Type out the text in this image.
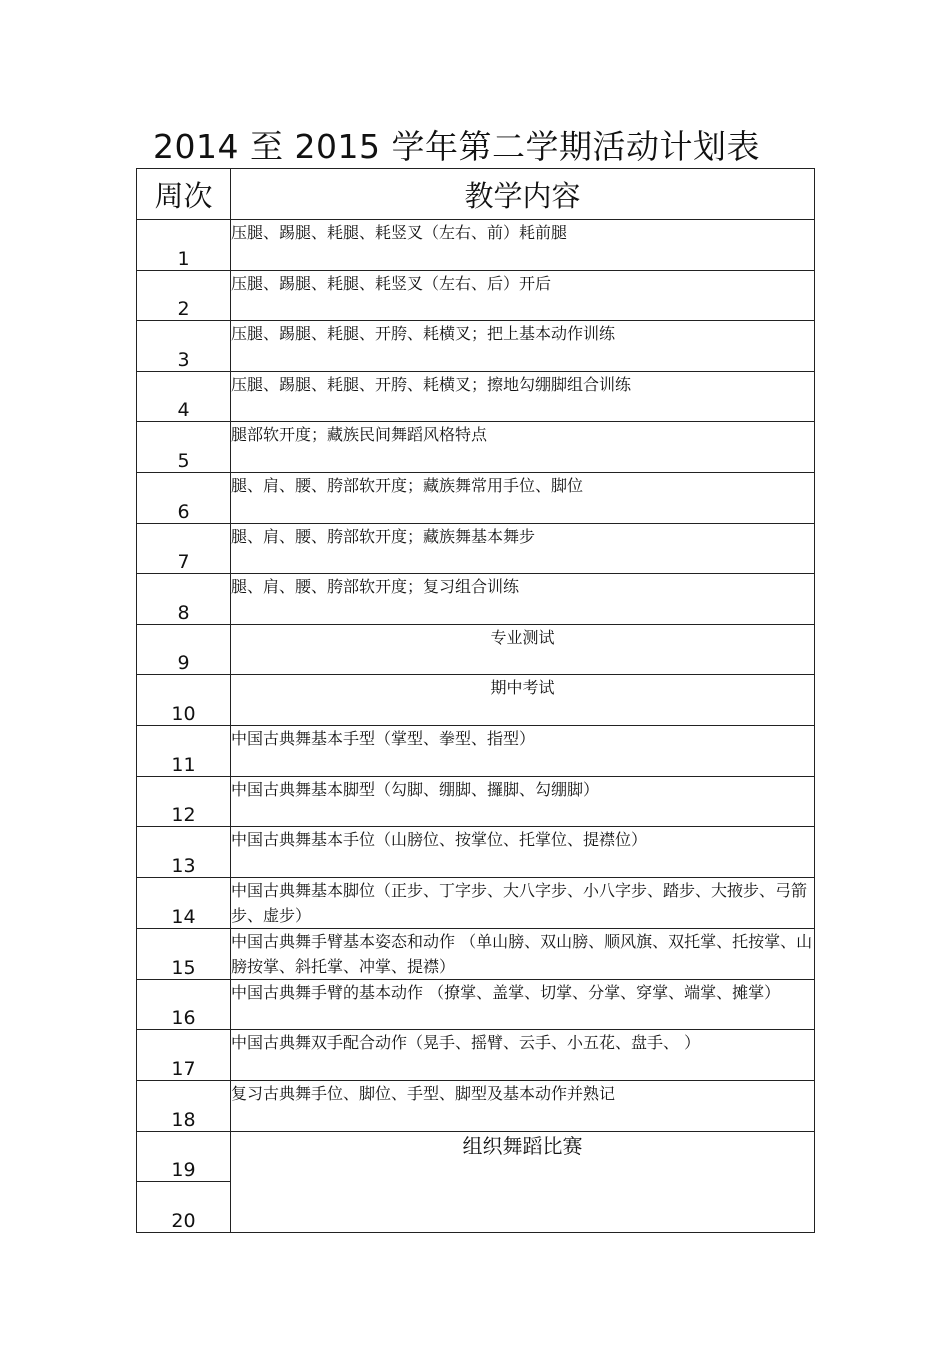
2014 至 2015 学年第二学期活动计划表
周次	教学内容
1	压腿、踢腿、耗腿、耗竖叉（左右、前）耗前腿
2	压腿、踢腿、耗腿、耗竖叉（左右、后）开后
3	压腿、踢腿、耗腿、开胯、耗横叉；把上基本动作训练
4	压腿、踢腿、耗腿、开胯、耗横叉；擦地勾绷脚组合训练
5	腿部软开度；藏族民间舞蹈风格特点
6	腿、肩、腰、胯部软开度；藏族舞常用手位、脚位
7	腿、肩、腰、胯部软开度；藏族舞基本舞步
8	腿、肩、腰、胯部软开度；复习组合训练
9	专业测试
10	期中考试
11	中国古典舞基本手型（掌型、拳型、指型）
12	中国古典舞基本脚型（勾脚、绷脚、攞脚、勾绷脚）
13	中国古典舞基本手位（山膀位、按掌位、托掌位、提襟位）
14	中国古典舞基本脚位（正步、丁字步、大八字步、小八字步、踏步、大掖步、弓箭步、虚步）
15	中国古典舞手臂基本姿态和动作 （单山膀、双山膀、顺风旗、双托掌、托按掌、山膀按掌、斜托掌、冲掌、提襟）
16	中国古典舞手臂的基本动作 （撩掌、盖掌、切掌、分掌、穿掌、端掌、摊掌）
17	中国古典舞双手配合动作（晃手、摇臂、云手、小五花、盘手、 ）
18	复习古典舞手位、脚位、手型、脚型及基本动作并熟记
19	组织舞蹈比赛
20	
